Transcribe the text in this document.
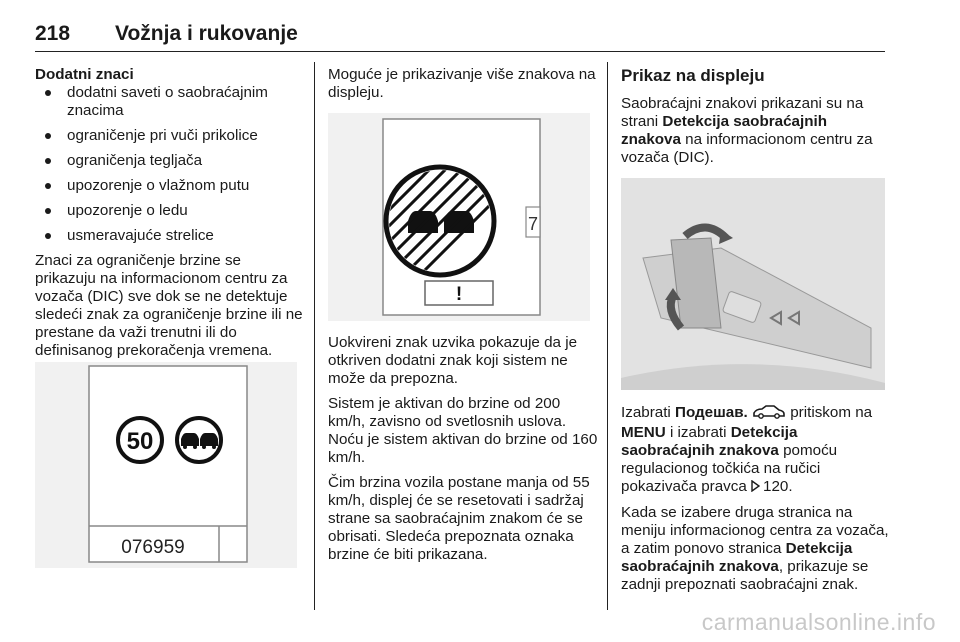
218 Vožnja i rukovanje
Dodatni znaci
dodatni saveti o saobraćajnim znacima
ograničenje pri vuči prikolice
ograničenja tegljača
upozorenje o vlažnom putu
upozorenje o ledu
usmeravajuće strelice

Znaci za ograničenje brzine se prikazuju na informacionom centru za vozača (DIC) sve dok se ne detektuje sledeći znak za ograničenje brzine ili ne prestane da važi trenutni ili do definisanog prekoračenja vremena.

50
076959

Moguće je prikazivanje više znakova na displeju.

7
!

Uokvireni znak uzvika pokazuje da je otkriven dodatni znak koji sistem ne može da prepozna.

Sistem je aktivan do brzine od 200 km/h, zavisno od svetlosnih uslova. Noću je sistem aktivan do brzine od 160 km/h.

Čim brzina vozila postane manja od 55 km/h, displej će se resetovati i sadržaj strane sa saobraćajnim znakom će se obrisati. Sledeća prepoznata oznaka brzine će biti prikazana.

Prikaz na displeju

Saobraćajni znakovi prikazani su na strani Detekcija saobraćajnih znakova na informacionom centru za vozača (DIC).

Izabrati Подешав.	pritiskom na MENU i izabrati Detekcija saobraćajnih znakova pomoću regulacionog točkića na ručici pokazivača pravca 120.

Kada se izabere druga stranica na meniju informacionog centra za vozača, a zatim ponovo stranica Detekcija saobraćajnih znakova, prikazuje se zadnji prepoznati saobraćajni znak.

carmanualsonline.info
